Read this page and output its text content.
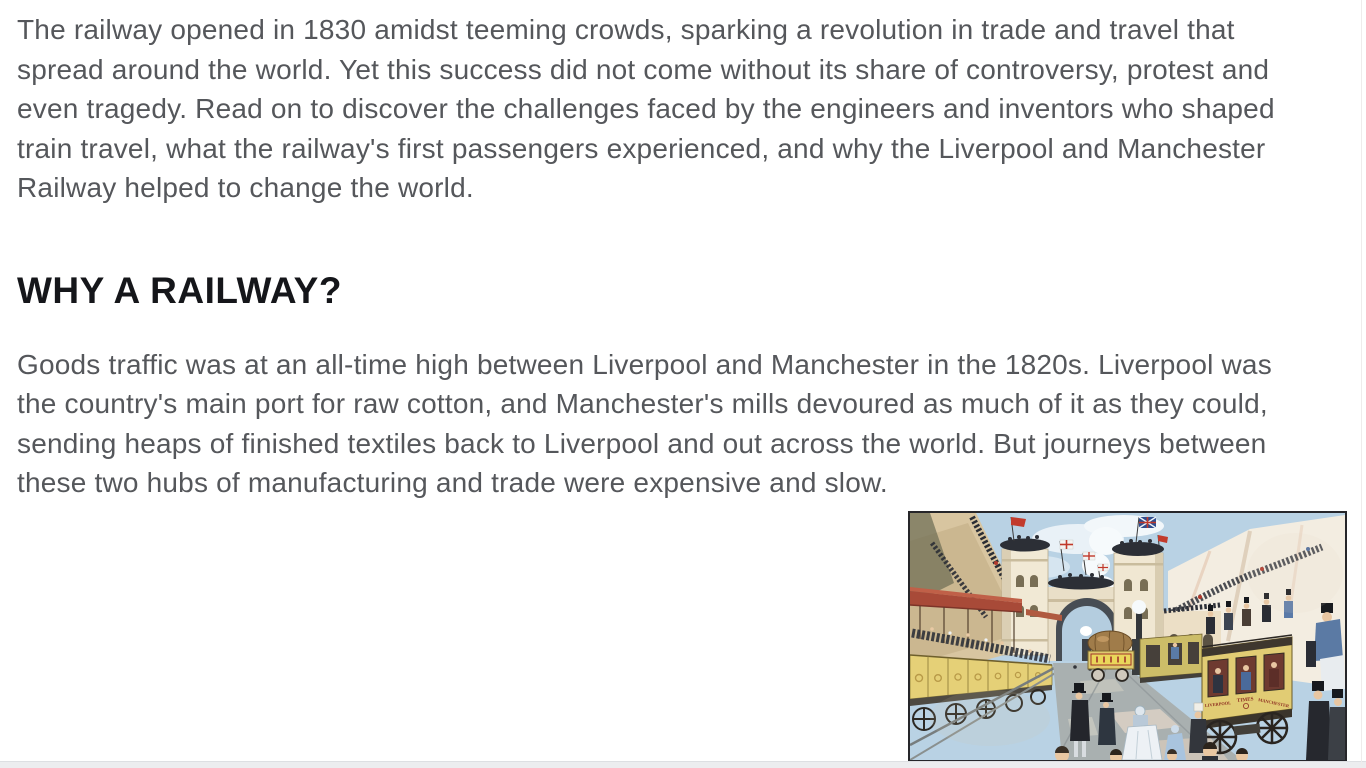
The railway opened in 1830 amidst teeming crowds, sparking a revolution in trade and travel that spread around the world. Yet this success did not come without its share of controversy, protest and even tragedy. Read on to discover the challenges faced by the engineers and inventors who shaped train travel, what the railway's first passengers experienced, and why the Liverpool and Manchester Railway helped to change the world.

WHY A RAILWAY?

Goods traffic was at an all-time high between Liverpool and Manchester in the 1820s. Liverpool was the country's main port for raw cotton, and Manchester's mills devoured as much of it as they could, sending heaps of finished textiles back to Liverpool and out across the world. But journeys between these two hubs of manufacturing and trade were expensive and slow.

LIVERPOOL
TIMES MANCHESTER
